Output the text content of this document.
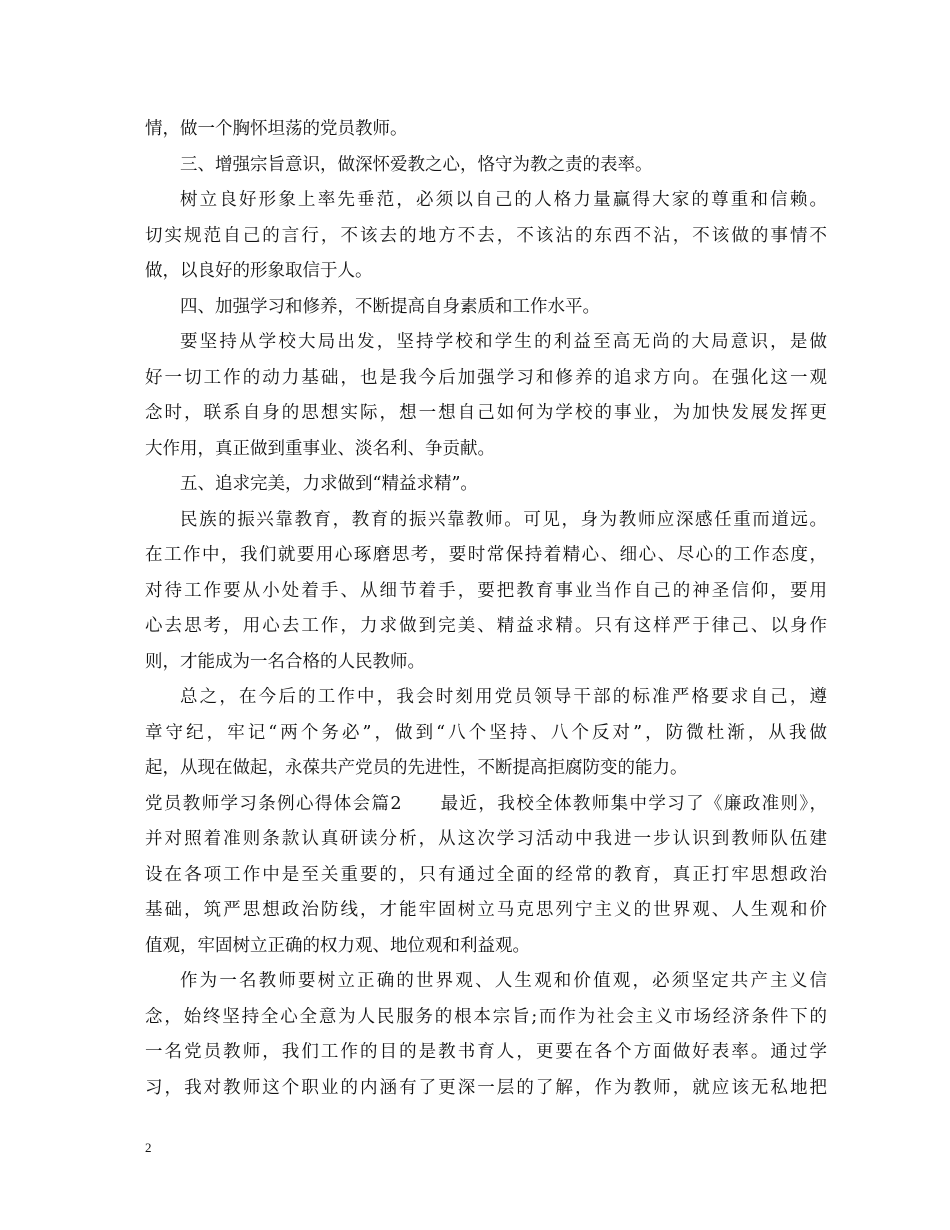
情，做一个胸怀坦荡的党员教师。
三、增强宗旨意识，做深怀爱教之心，恪守为教之责的表率。
树立良好形象上率先垂范，必须以自己的人格力量赢得大家的尊重和信赖。
切实规范自己的言行，不该去的地方不去，不该沾的东西不沾，不该做的事情不
做，以良好的形象取信于人。
四、加强学习和修养，不断提高自身素质和工作水平。
要坚持从学校大局出发，坚持学校和学生的利益至高无尚的大局意识，是做
好一切工作的动力基础，也是我今后加强学习和修养的追求方向。在强化这一观
念时，联系自身的思想实际，想一想自己如何为学校的事业，为加快发展发挥更
大作用，真正做到重事业、淡名利、争贡献。
五、追求完美，力求做到“精益求精”。
民族的振兴靠教育，教育的振兴靠教师。可见，身为教师应深感任重而道远。
在工作中，我们就要用心琢磨思考，要时常保持着精心、细心、尽心的工作态度，
对待工作要从小处着手、从细节着手，要把教育事业当作自己的神圣信仰，要用
心去思考，用心去工作，力求做到完美、精益求精。只有这样严于律己、以身作
则，才能成为一名合格的人民教师。
总之，在今后的工作中，我会时刻用党员领导干部的标准严格要求自己，遵
章守纪，牢记“两个务必”，做到“八个坚持、八个反对”，防微杜渐，从我做
起，从现在做起，永葆共产党员的先进性，不断提高拒腐防变的能力。
党员教师学习条例心得体会篇2　　最近，我校全体教师集中学习了《廉政准则》，
并对照着准则条款认真研读分析，从这次学习活动中我进一步认识到教师队伍建
设在各项工作中是至关重要的，只有通过全面的经常的教育，真正打牢思想政治
基础，筑严思想政治防线，才能牢固树立马克思列宁主义的世界观、人生观和价
值观，牢固树立正确的权力观、地位观和利益观。
作为一名教师要树立正确的世界观、人生观和价值观，必须坚定共产主义信
念，始终坚持全心全意为人民服务的根本宗旨;而作为社会主义市场经济条件下的
一名党员教师，我们工作的目的是教书育人，更要在各个方面做好表率。通过学
习，我对教师这个职业的内涵有了更深一层的了解，作为教师，就应该无私地把
2
